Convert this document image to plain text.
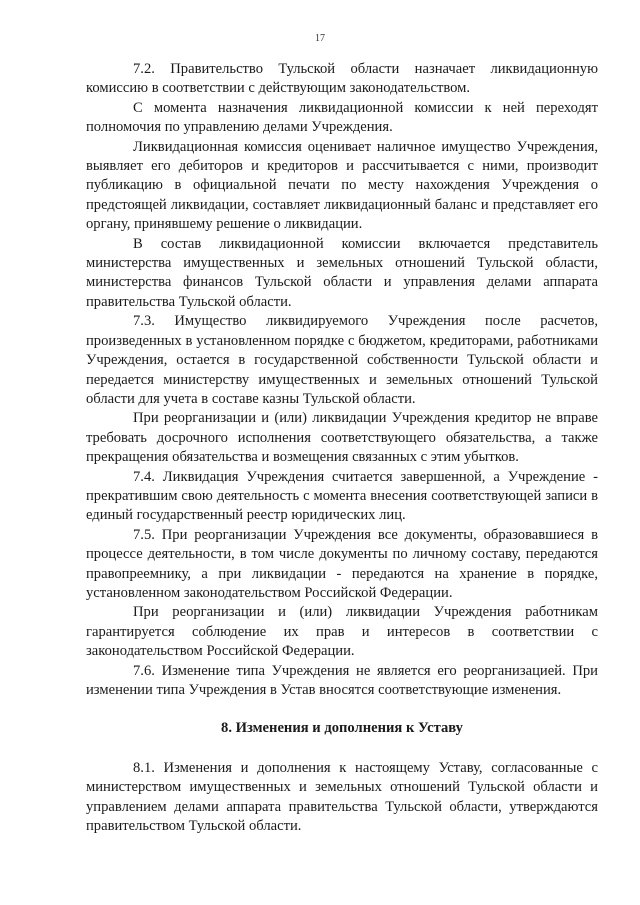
17

7.2. Правительство Тульской области назначает ликвидационную комиссию в соответствии с действующим законодательством.

С момента назначения ликвидационной комиссии к ней переходят полномочия по управлению делами Учреждения.

Ликвидационная комиссия оценивает наличное имущество Учреждения, выявляет его дебиторов и кредиторов и рассчитывается с ними, производит публикацию в официальной печати по месту нахождения Учреждения о предстоящей ликвидации, составляет ликвидационный баланс и представляет его органу, принявшему решение о ликвидации.

В состав ликвидационной комиссии включается представитель министерства имущественных и земельных отношений Тульской области, министерства финансов Тульской области и управления делами аппарата правительства Тульской области.

7.3. Имущество ликвидируемого Учреждения после расчетов, произведенных в установленном порядке с бюджетом, кредиторами, работниками Учреждения, остается в государственной собственности Тульской области и передается министерству имущественных и земельных отношений Тульской области для учета в составе казны Тульской области.

При реорганизации и (или) ликвидации Учреждения кредитор не вправе требовать досрочного исполнения соответствующего обязательства, а также прекращения обязательства и возмещения связанных с этим убытков.

7.4. Ликвидация Учреждения считается завершенной, а Учреждение - прекратившим свою деятельность с момента внесения соответствующей записи в единый государственный реестр юридических лиц.

7.5. При реорганизации Учреждения все документы, образовавшиеся в процессе деятельности, в том числе документы по личному составу, передаются правопреемнику, а при ликвидации - передаются на хранение в порядке, установленном законодательством Российской Федерации.

При реорганизации и (или) ликвидации Учреждения работникам гарантируется соблюдение их прав и интересов в соответствии с законодательством Российской Федерации.

7.6. Изменение типа Учреждения не является его реорганизацией. При изменении типа Учреждения в Устав вносятся соответствующие изменения.

8. Изменения и дополнения к Уставу

8.1. Изменения и дополнения к настоящему Уставу, согласованные с министерством имущественных и земельных отношений Тульской области и управлением делами аппарата правительства Тульской области, утверждаются правительством Тульской области.
